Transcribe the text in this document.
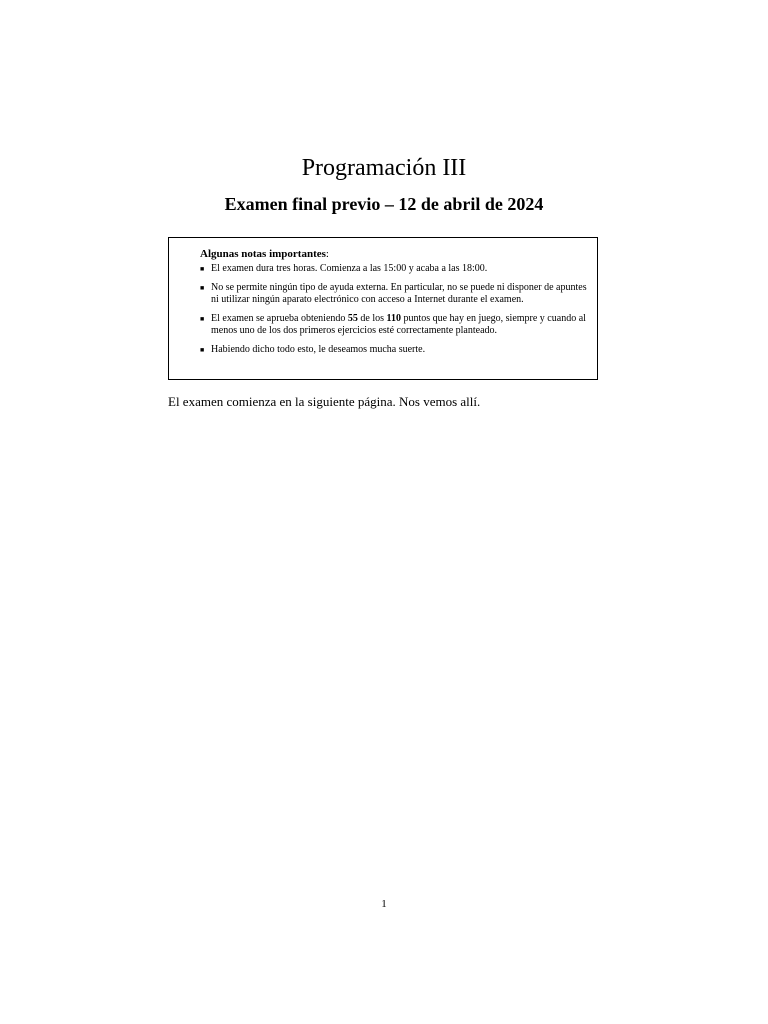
Programación III
Examen final previo – 12 de abril de 2024
Algunas notas importantes:
■ El examen dura tres horas. Comienza a las 15:00 y acaba a las 18:00.
■ No se permite ningún tipo de ayuda externa. En particular, no se puede ni disponer de apuntes ni utilizar ningún aparato electrónico con acceso a Internet durante el examen.
■ El examen se aprueba obteniendo 55 de los 110 puntos que hay en juego, siempre y cuando al menos uno de los dos primeros ejercicios esté correctamente planteado.
■ Habiendo dicho todo esto, le deseamos mucha suerte.
El examen comienza en la siguiente página. Nos vemos allí.
1
